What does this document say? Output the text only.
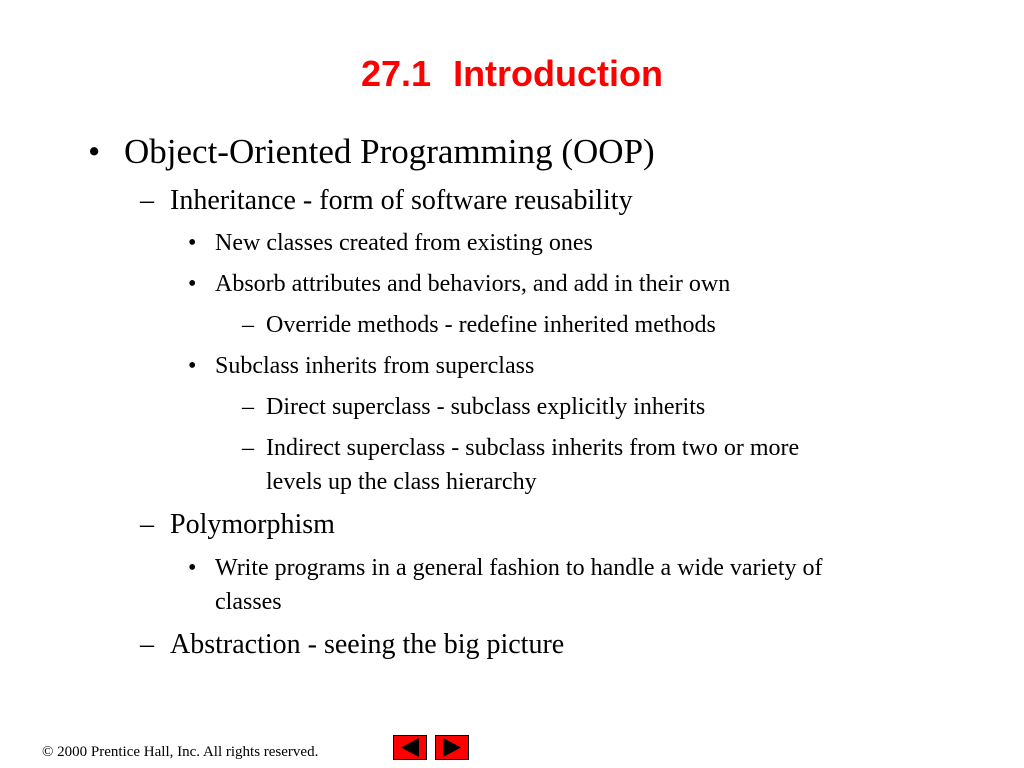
27.1 Introduction
• Object-Oriented Programming (OOP)
– Inheritance - form of software reusability
• New classes created from existing ones
• Absorb attributes and behaviors, and add in their own
– Override methods - redefine inherited methods
• Subclass inherits from superclass
– Direct superclass - subclass explicitly inherits
– Indirect superclass - subclass inherits from two or more
levels up the class hierarchy
– Polymorphism
• Write programs in a general fashion to handle a wide variety of
classes
– Abstraction - seeing the big picture
© 2000 Prentice Hall, Inc. All rights reserved.
